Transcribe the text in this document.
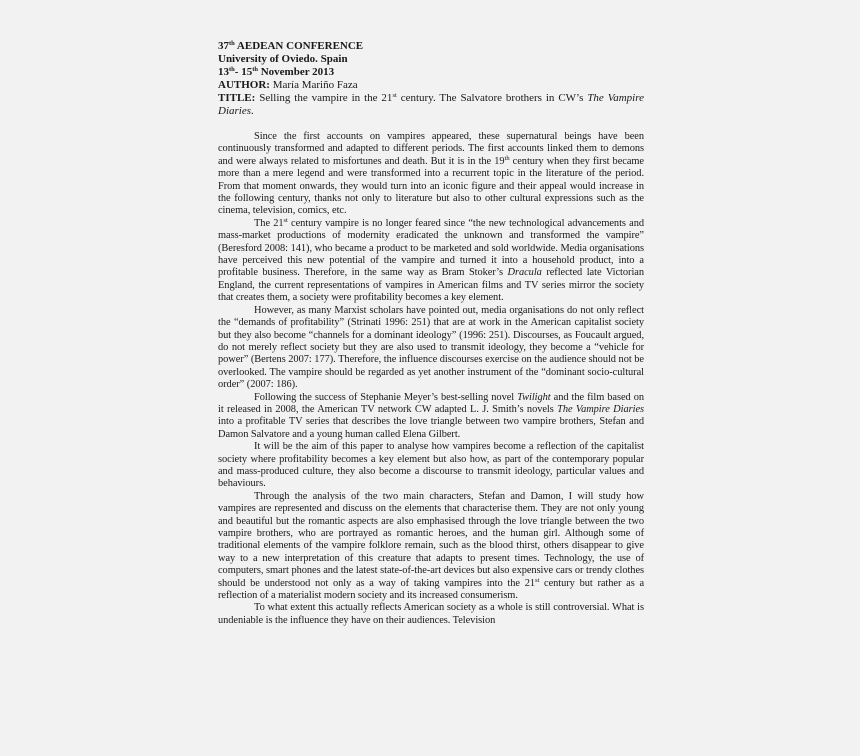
37th AEDEAN CONFERENCE

University of Oviedo. Spain

13th- 15th November 2013

AUTHOR: María Mariño Faza

TITLE: Selling the vampire in the 21st century. The Salvatore brothers in CW’s The Vampire Diaries.

Since the first accounts on vampires appeared, these supernatural beings have been continuously transformed and adapted to different periods. The first accounts linked them to demons and were always related to misfortunes and death. But it is in the 19th century when they first became more than a mere legend and were transformed into a recurrent topic in the literature of the period. From that moment onwards, they would turn into an iconic figure and their appeal would increase in the following century, thanks not only to literature but also to other cultural expressions such as the cinema, television, comics, etc.

The 21st century vampire is no longer feared since “the new technological advancements and mass-market productions of modernity eradicated the unknown and transformed the vampire” (Beresford 2008: 141), who became a product to be marketed and sold worldwide. Media organisations have perceived this new potential of the vampire and turned it into a household product, into a profitable business. Therefore, in the same way as Bram Stoker’s Dracula reflected late Victorian England, the current representations of vampires in American films and TV series mirror the society that creates them, a society were profitability becomes a key element.

However, as many Marxist scholars have pointed out, media organisations do not only reflect the “demands of profitability” (Strinati 1996: 251) that are at work in the American capitalist society but they also become “channels for a dominant ideology” (1996: 251). Discourses, as Foucault argued, do not merely reflect society but they are also used to transmit ideology, they become a “vehicle for power” (Bertens 2007: 177). Therefore, the influence discourses exercise on the audience should not be overlooked. The vampire should be regarded as yet another instrument of the “dominant socio-cultural order” (2007: 186).

Following the success of Stephanie Meyer’s best-selling novel Twilight and the film based on it released in 2008, the American TV network CW adapted L. J. Smith’s novels The Vampire Diaries into a profitable TV series that describes the love triangle between two vampire brothers, Stefan and Damon Salvatore and a young human called Elena Gilbert.

It will be the aim of this paper to analyse how vampires become a reflection of the capitalist society where profitability becomes a key element but also how, as part of the contemporary popular and mass-produced culture, they also become a discourse to transmit ideology, particular values and behaviours.

Through the analysis of the two main characters, Stefan and Damon, I will study how vampires are represented and discuss on the elements that characterise them. They are not only young and beautiful but the romantic aspects are also emphasised through the love triangle between the two vampire brothers, who are portrayed as romantic heroes, and the human girl. Although some of traditional elements of the vampire folklore remain, such as the blood thirst, others disappear to give way to a new interpretation of this creature that adapts to present times. Technology, the use of computers, smart phones and the latest state-of-the-art devices but also expensive cars or trendy clothes should be understood not only as a way of taking vampires into the 21st century but rather as a reflection of a materialist modern society and its increased consumerism.

To what extent this actually reflects American society as a whole is still controversial. What is undeniable is the influence they have on their audiences. Television
